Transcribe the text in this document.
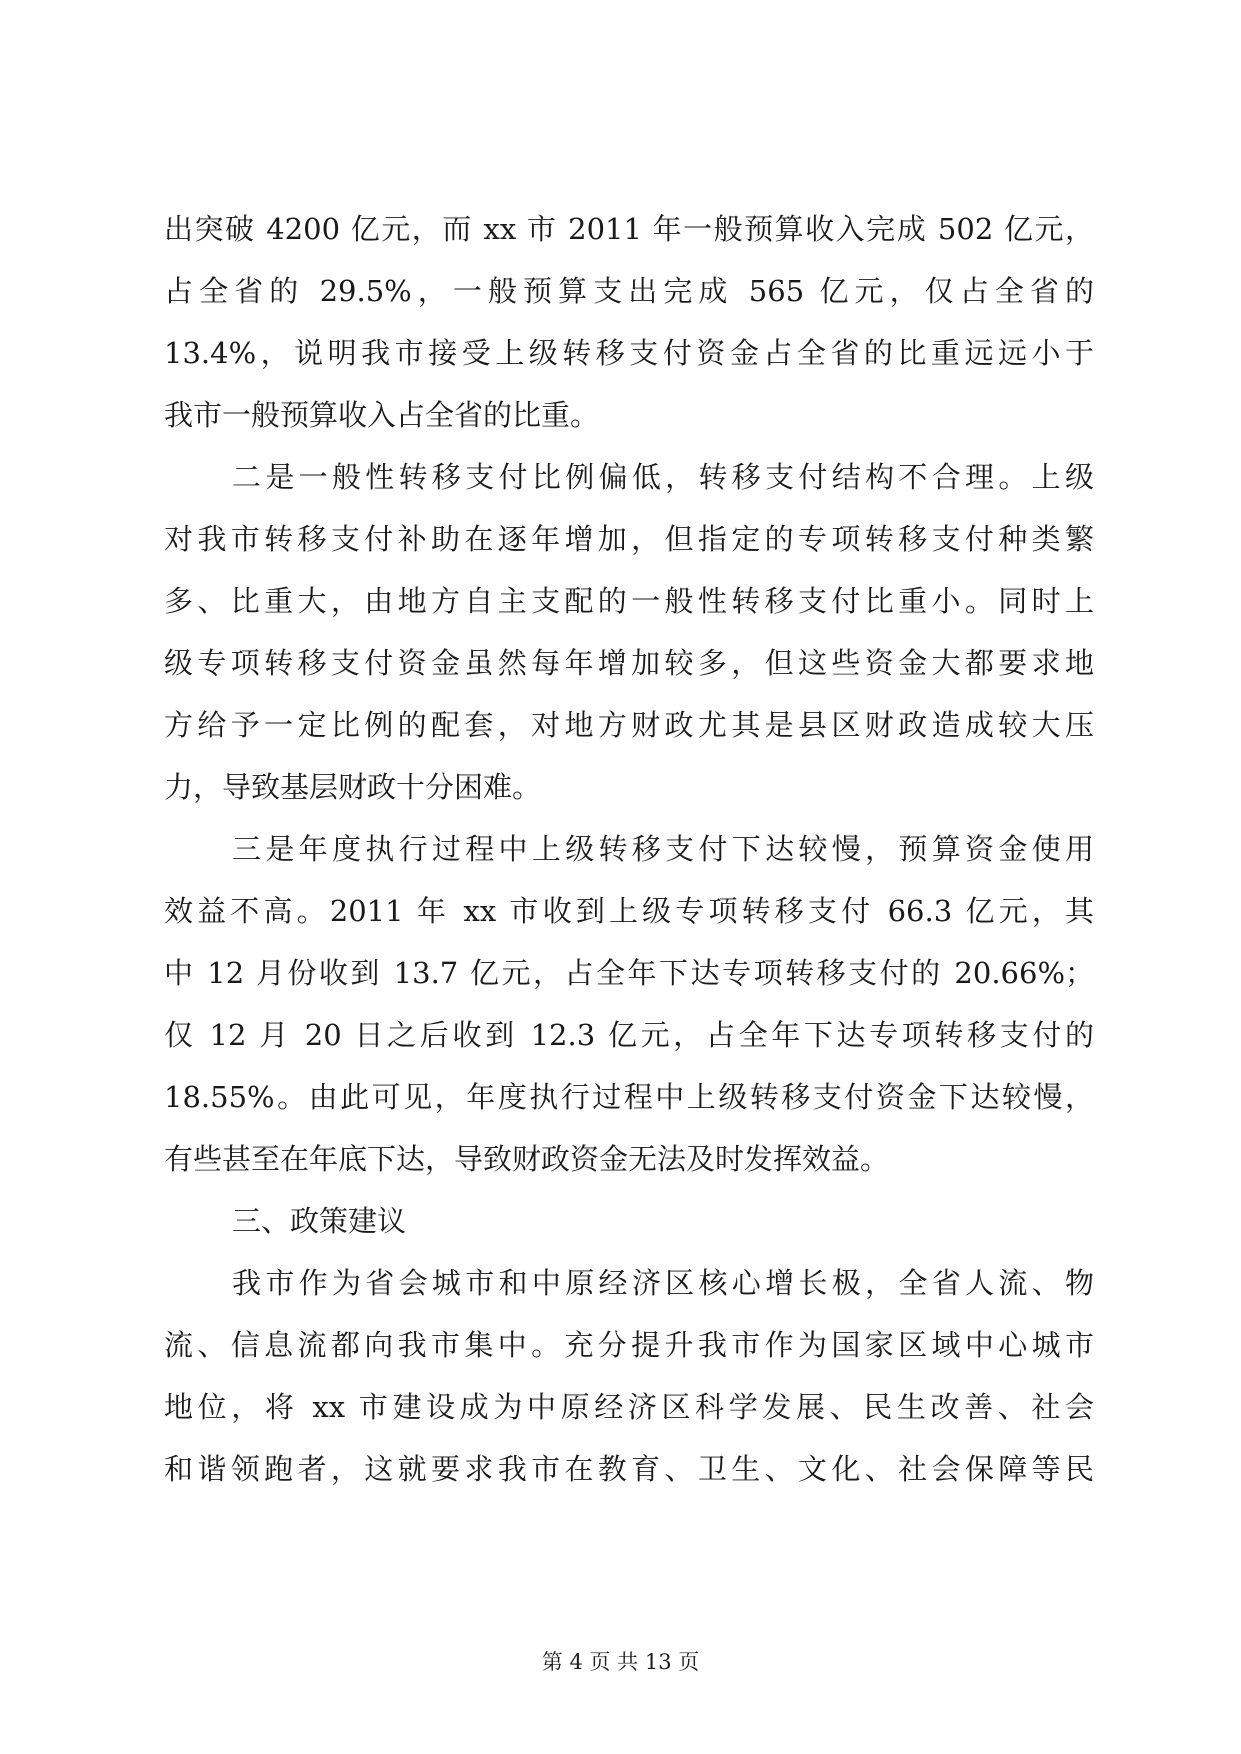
出突破 4200 亿元，而 xx 市 2011 年一般预算收入完成 502 亿元，
占全省的 29.5%，一般预算支出完成 565 亿元，仅占全省的
13.4%，说明我市接受上级转移支付资金占全省的比重远远小于
我市一般预算收入占全省的比重。
二是一般性转移支付比例偏低，转移支付结构不合理。上级
对我市转移支付补助在逐年增加，但指定的专项转移支付种类繁
多、比重大，由地方自主支配的一般性转移支付比重小。同时上
级专项转移支付资金虽然每年增加较多，但这些资金大都要求地
方给予一定比例的配套，对地方财政尤其是县区财政造成较大压
力，导致基层财政十分困难。
三是年度执行过程中上级转移支付下达较慢，预算资金使用
效益不高。2011 年 xx 市收到上级专项转移支付 66.3 亿元，其
中 12 月份收到 13.7 亿元，占全年下达专项转移支付的 20.66%；
仅 12 月 20 日之后收到 12.3 亿元，占全年下达专项转移支付的
18.55%。由此可见，年度执行过程中上级转移支付资金下达较慢，
有些甚至在年底下达，导致财政资金无法及时发挥效益。
三、政策建议
我市作为省会城市和中原经济区核心增长极，全省人流、物
流、信息流都向我市集中。充分提升我市作为国家区域中心城市
地位，将 xx 市建设成为中原经济区科学发展、民生改善、社会
和谐领跑者，这就要求我市在教育、卫生、文化、社会保障等民
第 4 页 共 13 页
